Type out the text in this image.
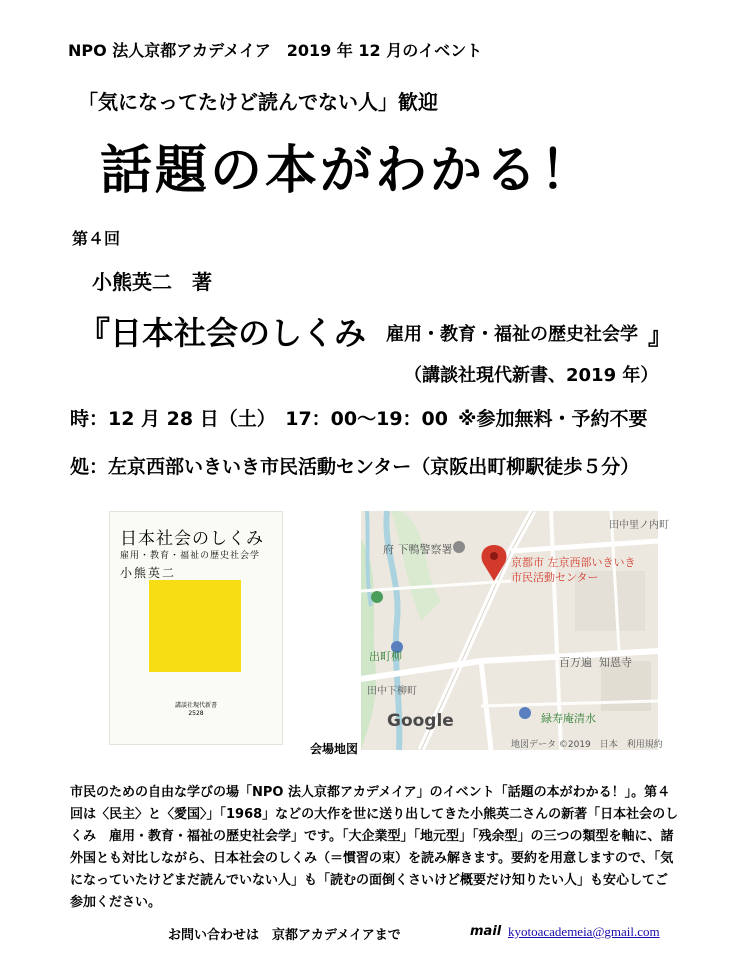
NPO 法人京都アカデメイア　2019 年 12 月のイベント
「気になってたけど読んでない人」歓迎
話題の本がわかる！
第４回
小熊英二　著
『日本社会のしくみ 雇用・教育・福祉の歴史社会学 』
（講談社現代新書、2019 年）
時：12 月 28 日（土）　17：00～19：00 ※参加無料・予約不要
処：左京西部いきいき市民活動センター（京阪出町柳駅徒歩５分）
日本社会のしくみ
雇用・教育・福祉の歴史社会学
小熊英二
講談社現代新書
2528
会場地図
田中里ノ内町
府 下鴨警察署
京都市 左京西部いきいき
市民活動センター
出町柳	百万遍 知恩寺
田中下柳町
緑寿庵清水
Google
地図データ ©2019　日本　利用規約
市民のための自由な学びの場「NPO 法人京都アカデメイア」のイベント「話題の本がわかる！」。第４回は〈民主〉と〈愛国〉」「1968」などの大作を世に送り出してきた小熊英二さんの新著「日本社会のしくみ　雇用・教育・福祉の歴史社会学」です。「大企業型」「地元型」「残余型」の三つの類型を軸に、諸外国とも対比しながら、日本社会のしくみ（＝慣習の束）を読み解きます。要約を用意しますので、「気になっていたけどまだ読んでいない人」も「読むの面倒くさいけど概要だけ知りたい人」も安心してご参加ください。
お問い合わせは　京都アカデメイアまで	mail kyotoacademeia@gmail.com
